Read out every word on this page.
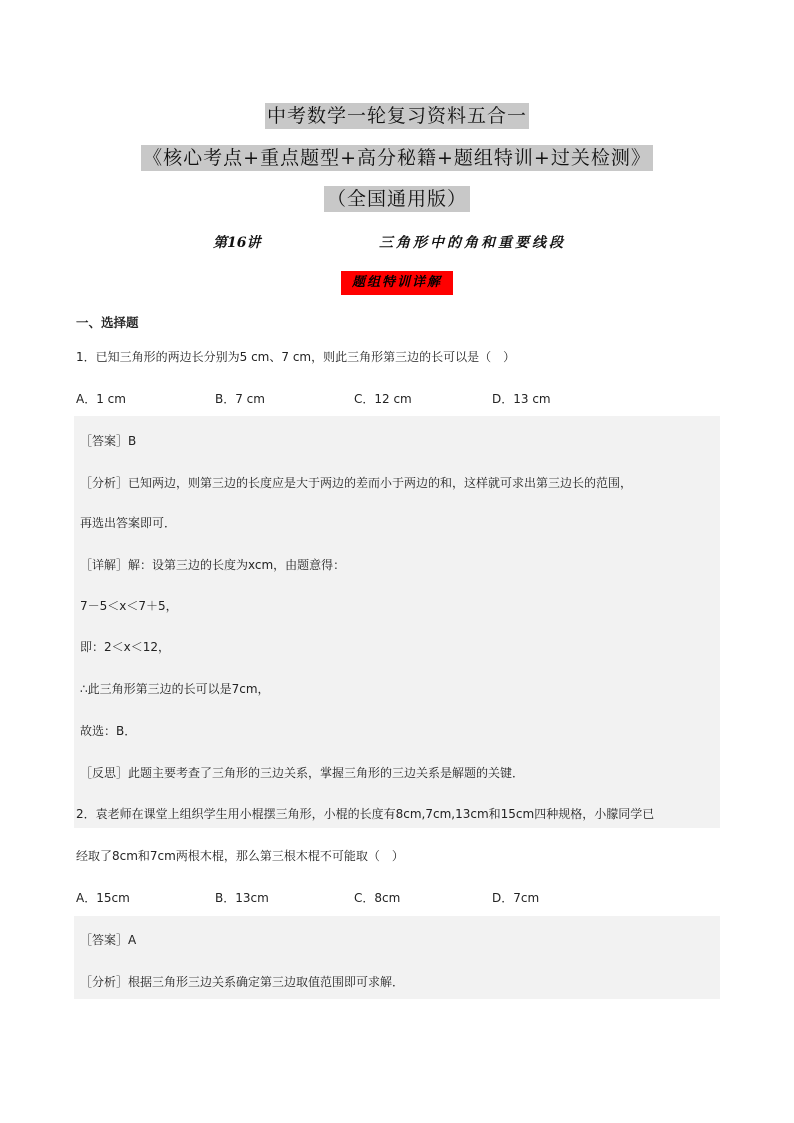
中考数学一轮复习资料五合一
《核心考点+重点题型+高分秘籍+题组特训+过关检测》
（全国通用版）
第16讲	三角形中的角和重要线段
题组特训详解
一、选择题
1．已知三角形的两边长分别为5 cm、7 cm，则此三角形第三边的长可以是（　）
A．1 cm	B．7 cm	C．12 cm	D．13 cm
［答案］B
［分析］已知两边，则第三边的长度应是大于两边的差而小于两边的和，这样就可求出第三边长的范围，
再选出答案即可．
［详解］解：设第三边的长度为xcm，由题意得：
7－5＜x＜7＋5，
即：2＜x＜12，
∴此三角形第三边的长可以是7cm，
故选：B．
［反思］此题主要考查了三角形的三边关系，掌握三角形的三边关系是解题的关键．
2．袁老师在课堂上组织学生用小棍摆三角形，小棍的长度有8cm,7cm,13cm和15cm四种规格，小朦同学已
经取了8cm和7cm两根木棍，那么第三根木棍不可能取（　）
A．15cm	B．13cm	C．8cm	D．7cm
［答案］A
［分析］根据三角形三边关系确定第三边取值范围即可求解．
